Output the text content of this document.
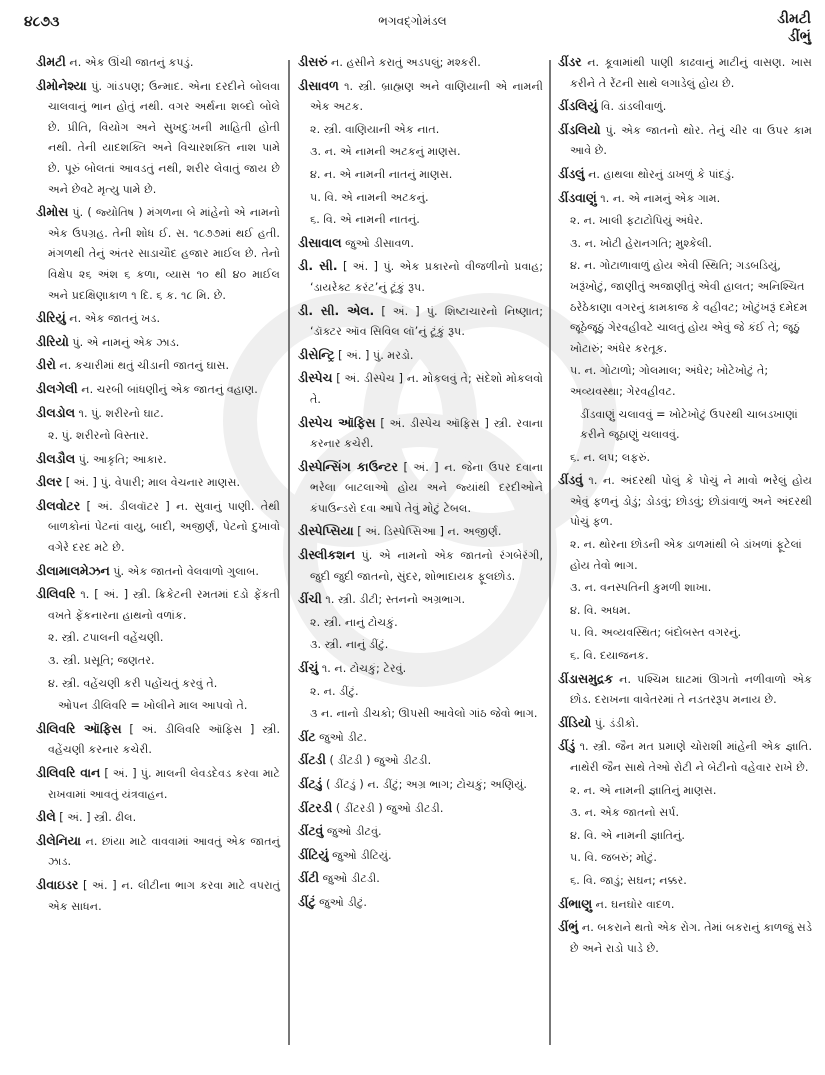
૪૮૭૩	ભગવદ્ગોમંડલ	ડીમટી
ડીંભું

ડીમટી ન. એક ઊંચી જાતનું કપડું.

ડીમોનેશ્યા પું. ગાંડપણ; ઉન્માદ. એના દરદીને બોલવા ચાલવાનું ભાન હોતું નથી. વગર અર્થના શબ્દો બોલે છે. પ્રીતિ, વિયોગ અને સુખદુઃખની માહિતી હોતી નથી. તેની યાદશક્તિ અને વિચારશક્તિ નાશ પામે છે. પૂરું બોલતાં આવડતું નથી, શરીર લેવાતું જાય છે અને છેવટે મૃત્યુ પામે છે.

ડીમોસ પું. ( જ્યોતિષ ) મંગળના બે માંહેનો એ નામનો એક ઉપગ્રહ. તેની શોધ ઈ. સ. ૧૮૭૭માં થઈ હતી. મંગળથી તેનું અંતર સાડાચૌદ હજાર માઈલ છે. તેનો વિક્ષેપ ૨૬ અંશ ૬ કળા, વ્યાસ ૧૦ થી ૪૦ માઈલ અને પ્રદક્ષિણાકાળ ૧ દિ. ૬ ક. ૧૮ મિ. છે.

ડીરિયું ન. એક જાતનું ખડ.

ડીરિયો પું. એ નામનું એક ઝાડ.

ડીરો ન. કચારીમાં થતું ચીડાની જાતનું ઘાસ.

ડીલગેલી ન. ચરબી બાંધણીનું એક જાતનું વહાણ.

ડીલડોલ ૧. પું. શરીરનો ઘાટ.

૨. પું. શરીરનો વિસ્તાર.

ડીલડૌલ પું. આકૃતિ; આકાર.

ડીલર [ અં. ] પું. વેપારી; માલ વેચનાર માણસ.

ડીલવોટર [ અં. ડીલવૉટર ] ન. સુવાનું પાણી. તેથી બાળકોનાં પેટનાં વાયુ, બાદી, અજીર્ણ, પેટનો દુખાવો વગેરે દરદ મટે છે.

ડીલામાલમેઝન પું. એક જાતનો વેલવાળો ગુલાબ.

ડીલિવરિ ૧. [ અં. ] સ્ત્રી. ક્રિકેટની રમતમાં દડો ફેંકતી વખતે ફેંકનારના હાથનો વળાંક.

૨. સ્ત્રી. ટપાલની વહેંચણી.

૩. સ્ત્રી. પ્રસૂતિ; જણતર.

૪. સ્ત્રી. વહેંચણી કરી પહોંચતું કરવું તે.

ઓપન ડીલિવરિ = ખોલીને માલ આપવો તે.

ડીલિવરિ ઑફિસ [ અં. ડીલિવરિ ઑફિસ ] સ્ત્રી. વહેંચણી કરનાર કચેરી.

ડીલિવરિ વાન [ અં. ] પું. માલની લેવડદેવડ કરવા માટે રાખવામાં આવતું યંત્રવાહન.

ડીલે [ અં. ] સ્ત્રી. ઢીલ.

ડીલેનિયા ન. છાંયા માટે વાવવામાં આવતું એક જાતનું ઝાડ.

ડીવાઇડર [ અં. ] ન. લીટીના ભાગ કરવા માટે વપરાતું એક સાધન.

ડીસરું ન. હસીને કરાતું અડપલું; મશ્કરી.

ડીસાવળ ૧. સ્ત્રી. બ્રાહ્મણ અને વાણિયાની એ નામની એક અટક.

૨. સ્ત્રી. વાણિયાની એક નાત.

૩. ન. એ નામની અટકનું માણસ.

૪. ન. એ નામની નાતનું માણસ.

૫. વિ. એ નામની અટકનું.

૬. વિ. એ નામની નાતનું.

ડીસાવાલ જુઓ ડીસાવળ.

ડી. સી. [ અં. ] પું. એક પ્રકારનો વીજળીનો પ્રવાહ; ‘ડાયરેક્ટ કરંટ’નું ટૂંકું રૂપ.

ડી. સી. એલ. [ અં. ] પું. શિષ્ટાચારનો નિષ્ણાત; ‘ડૉક્ટર ઑવ સિવિલ લૉ’નું ટૂંકું રૂપ.

ડીસેન્ટ્રિ [ અં. ] પું. મરડો.

ડીસ્પેચ [ અં. ડીસ્પેચ ] ન. મોકલવું તે; સંદેશો મોકલવો તે.

ડીસ્પેચ ઑફિસ [ અં. ડીસ્પેચ ઑફિસ ] સ્ત્રી. રવાના કરનાર કચેરી.

ડીસ્પેન્સિંગ કાઉન્ટર [ અં. ] ન. જેના ઉપર દવાના ભરેલા બાટલાઓ હોય અને જ્યાંથી દરદીઓને કંપાઉન્ડરો દવા આપે તેવું મોટું ટેબલ.

ડીસ્પેપ્સિયા [ અં. ડિસ્પેપ્સિઆ ] ન. અજીર્ણ.

ડીસ્લીકશન પું. એ નામનો એક જાતનો રંગબેરંગી, જુદી જુદી જાતનો, સુંદર, શોભાદાયક ફૂલછોડ.

ડીંચી ૧. સ્ત્રી. ડીટી; સ્તનનો અગ્રભાગ.

૨. સ્ત્રી. નાનું ટોચકું.

૩. સ્ત્રી. નાનું ડીંટું.

ડીંચું ૧. ન. ટોચકું; ટેરવું.

૨. ન. ડીંટું.

૩ ન. નાનો ડીચકો; ઊપસી આવેલો ગાંઠ જેવો ભાગ.

ડીંટ જુઓ ડીટ.

ડીંટડી ( ડીંટડી ) જુઓ ડીટડી.

ડીંટડું ( ડીંટડું ) ન. ડીંટું; અગ્ર ભાગ; ટોચકું; અણિયું.

ડીંટરડી ( ડીંટરડી ) જુઓ ડીટડી.

ડીંટવું જુઓ ડીટવું.

ડીંટિયું જુઓ ડીટિયું.

ડીંટી જુઓ ડીટડી.

ડીંટું જુઓ ડીટું.

ડીંડર ન. કૂવામાંથી પાણી કાઢવાનું માટીનું વાસણ. ખાસ કરીને તે રેંટની સાથે લગાડેલું હોય છે.

ડીંડલિયું વિ. ડાંડલીવાળું.

ડીંડલિયો પું. એક જાતનો થોર. તેનું ચીર વા ઉપર કામ આવે છે.

ડીંડલું ન. હાથલા થોરનું ડાખળું કે પાંદડું.

ડીંડવાણું ૧. ન. એ નામનું એક ગામ.

૨. ન. ખાલી ફટાટોપિયું અંધેર.

૩. ન. ખોટી હેરાનગતિ; મુશ્કેલી.

૪. ન. ગોટાળાવાળું હોય એવી સ્થિતિ; ગડબડિયું, ખરૂંખોટું, જાણીતું અજાણીતું એવી હાલત; અનિશ્ચિત ઠરેઠેકાણા વગરનું કામકાજ કે વહીવટ; ખોટુંખરૂં દમેદમ જૂઠેજૂઠું ગેરવહીવટે ચાલતું હોય એવું જે કંઈ તે; જૂઠું ખોટારું; અંધેર કરતૂક.

૫. ન. ગોટાળો; ગોલમાલ; અંધેર; ખોટેખોટું તે; અવ્યવસ્થા; ગેરવહીવટ.

ડીંડવાણું ચલાવવું = ખોટેખોટું ઉપરથી ચાબડખાણાં કરીને જૂઠાણું ચલાવવું.

૬. ન. લપ; લફરું.

ડીંડવું ૧. ન. અંદરથી પોલું કે પોચું ને માવો ભરેલું હોય એવું ફળનું ડોડું; ડોડવું; છોડવું; છોડાંવાળું અને અંદરથી પોચું ફળ.

૨. ન. થોરના છોડની એક ડાળમાંથી બે ડાંખળાં ફૂટેલાં હોય તેવો ભાગ.

૩. ન. વનસ્પતિની કુમળી શાખા.

૪. વિ. અધમ.

૫. વિ. અવ્યવસ્થિત; બંદોબસ્ત વગરનું.

૬. વિ. દયાજનક.

ડીંડાસમુદ્રક ન. પશ્ચિમ ઘાટમાં ઊગતો નળીવાળો એક છોડ. દરાખના વાવેતરમાં તે નડતરરૂપ મનાય છે.

ડીંડિયો પું. ડંડીકો.

ડીંડું ૧. સ્ત્રી. જૈન મત પ્રમાણે ચોરાશી માંહેની એક જ્ઞાતિ. નાથેરી જૈન સાથે તેઓ રોટી ને બેટીનો વહેવાર રાખે છે.

૨. ન. એ નામની જ્ઞાતિનું માણસ.

૩. ન. એક જાતનો સર્પ.

૪. વિ. એ નામની જ્ઞાતિનું.

૫. વિ. જબરું; મોટું.

૬. વિ. જાડું; સઘન; નક્કર.

ડીંભાણુ ન. ઘનઘોર વાદળ.

ડીંભું ન. બકરાને થતો એક રોગ. તેમાં બકરાનું કાળજું સડે છે અને રાડો પાડે છે.
